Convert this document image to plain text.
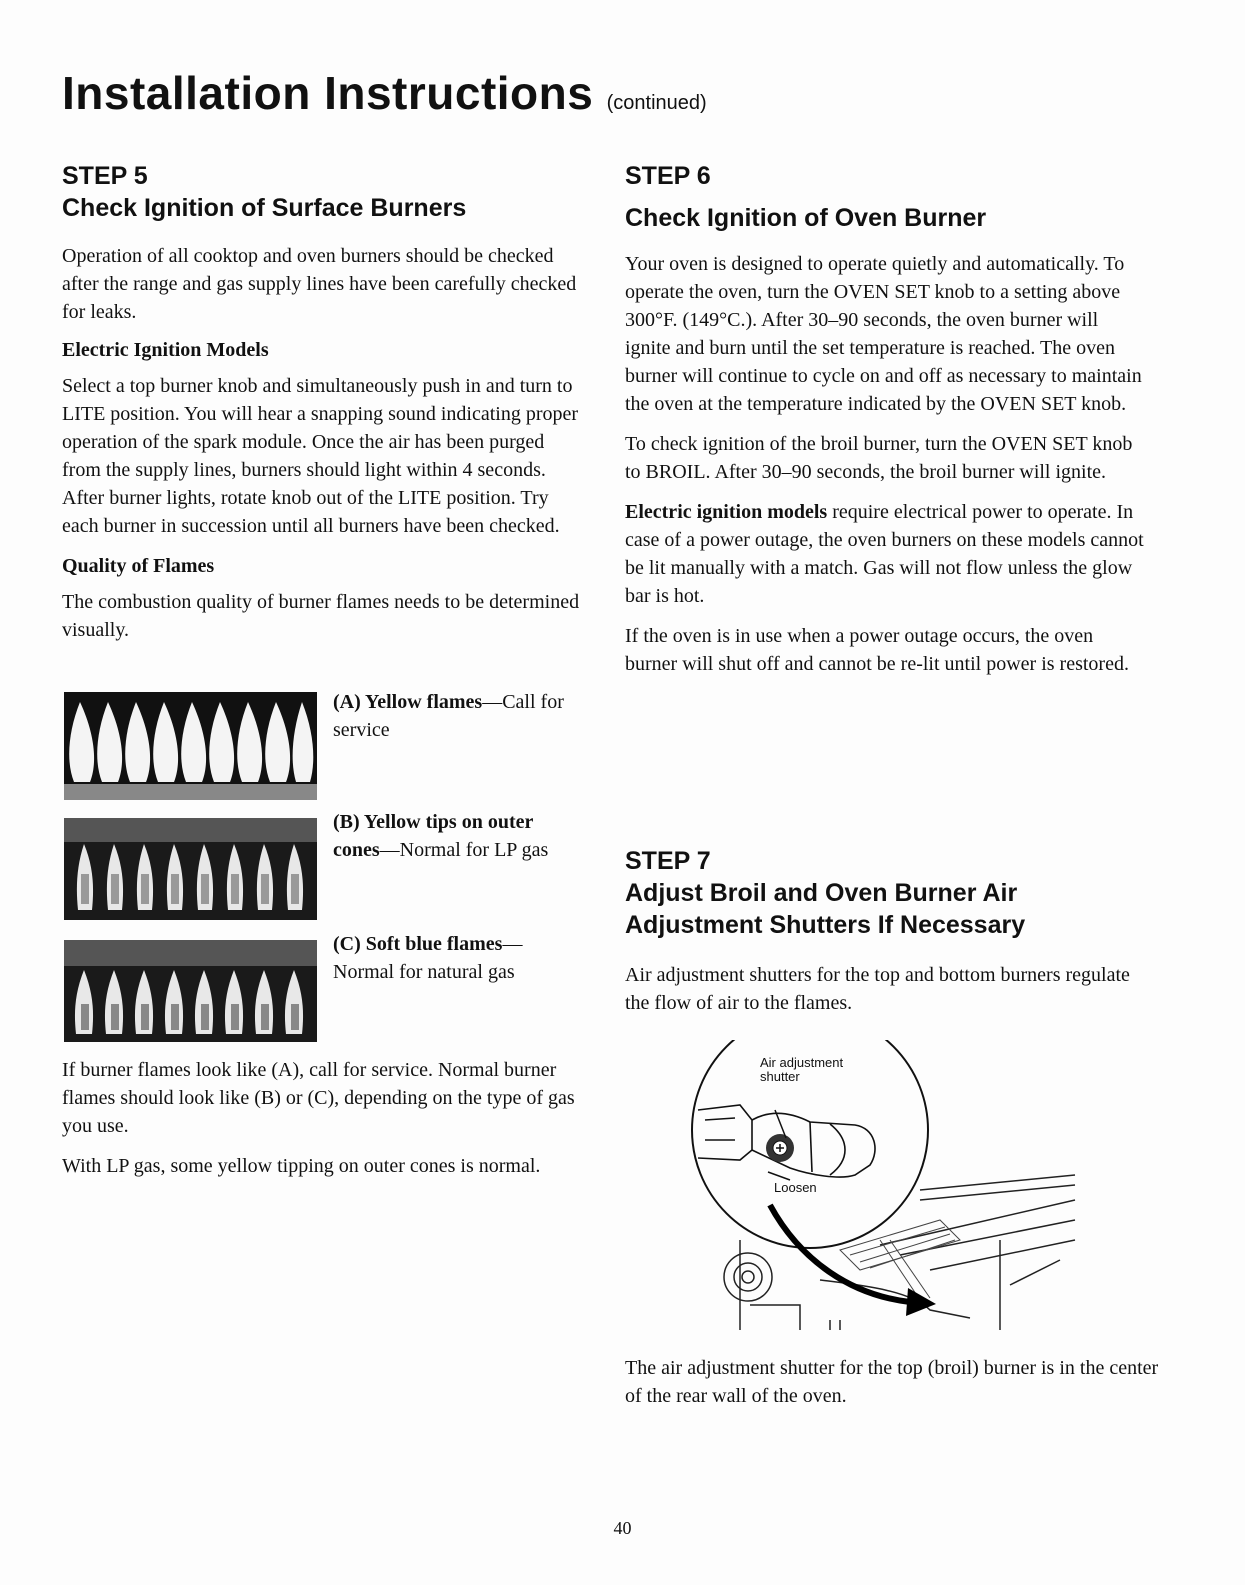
Installation Instructions (continued)

STEP 5

Check Ignition of Surface Burners

Operation of all cooktop and oven burners should be checked after the range and gas supply lines have been carefully checked for leaks.

Electric Ignition Models

Select a top burner knob and simultaneously push in and turn to LITE position. You will hear a snapping sound indicating proper operation of the spark module. Once the air has been purged from the supply lines, burners should light within 4 seconds. After burner lights, rotate knob out of the LITE position. Try each burner in succession until all burners have been checked.

Quality of Flames

The combustion quality of burner flames needs to be determined visually.

(A) Yellow flames—Call for service
(B) Yellow tips on outer cones—Normal for LP gas
(C) Soft blue flames—Normal for natural gas

If burner flames look like (A), call for service. Normal burner flames should look like (B) or (C), depending on the type of gas you use.

With LP gas, some yellow tipping on outer cones is normal.

STEP 6

Check Ignition of Oven Burner

Your oven is designed to operate quietly and automatically. To operate the oven, turn the OVEN SET knob to a setting above 300°F. (149°C.). After 30–90 seconds, the oven burner will ignite and burn until the set temperature is reached. The oven burner will continue to cycle on and off as necessary to maintain the oven at the temperature indicated by the OVEN SET knob.

To check ignition of the broil burner, turn the OVEN SET knob to BROIL. After 30–90 seconds, the broil burner will ignite.

Electric ignition models require electrical power to operate. In case of a power outage, the oven burners on these models cannot be lit manually with a match. Gas will not flow unless the glow bar is hot.

If the oven is in use when a power outage occurs, the oven burner will shut off and cannot be re-lit until power is restored.

STEP 7

Adjust Broil and Oven Burner Air

Adjustment Shutters If Necessary

Air adjustment shutters for the top and bottom burners regulate the flow of air to the flames.

Air adjustment
shutter
Loosen

The air adjustment shutter for the top (broil) burner is in the center of the rear wall of the oven.

40
